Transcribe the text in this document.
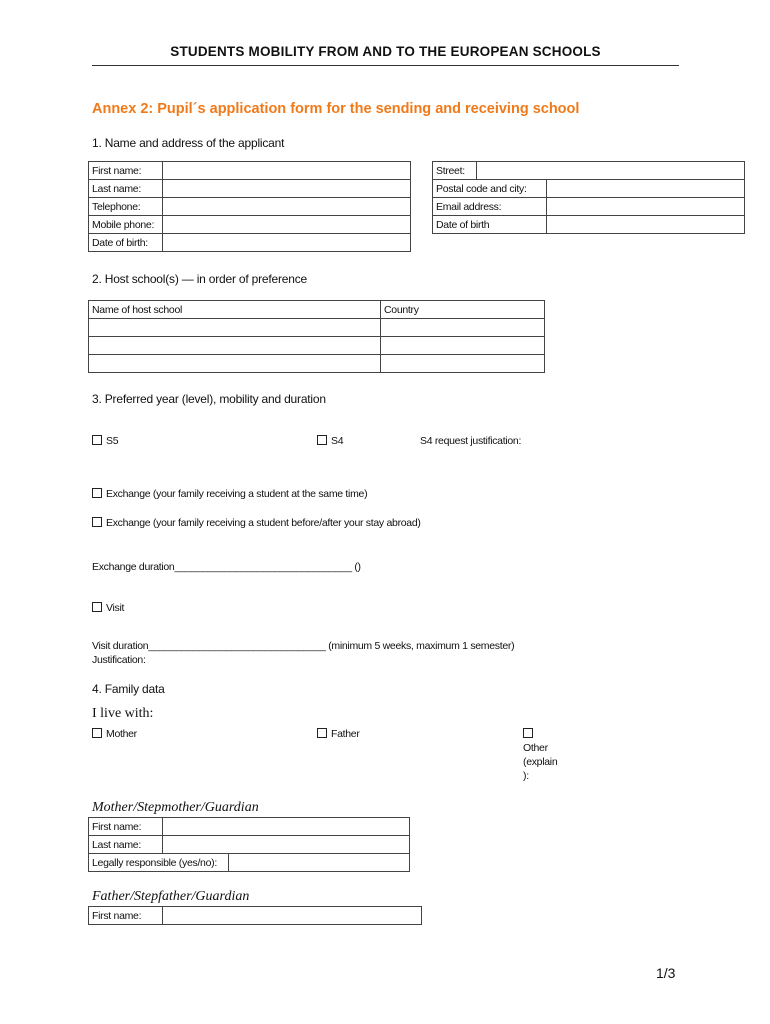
STUDENTS MOBILITY FROM AND TO THE EUROPEAN SCHOOLS
Annex 2: Pupil´s application form for the sending and receiving school
1. Name and address of the applicant
First name:	
Last name:	
Telephone:	
Mobile phone:	
Date of birth:	
Street:		
Postal code and city:		
Email address:		
Date of birth		
2. Host school(s) — in order of preference
Name of host school	Country

3. Preferred year (level), mobility and duration
S5	S4	S4 request justification:
Exchange (your family receiving a student at the same time)
Exchange (your family receiving a student before/after your stay abroad)
Exchange duration________________________________ ()
Visit
Visit duration________________________________ (minimum 5 weeks, maximum 1 semester)
Justification:
4. Family data
I live with:
Mother	Father

Other
(explain
):
Mother/Stepmother/Guardian
First name:		
Last name:		
Legally responsible (yes/no):		
Father/Stepfather/Guardian
First name:	
1/3
